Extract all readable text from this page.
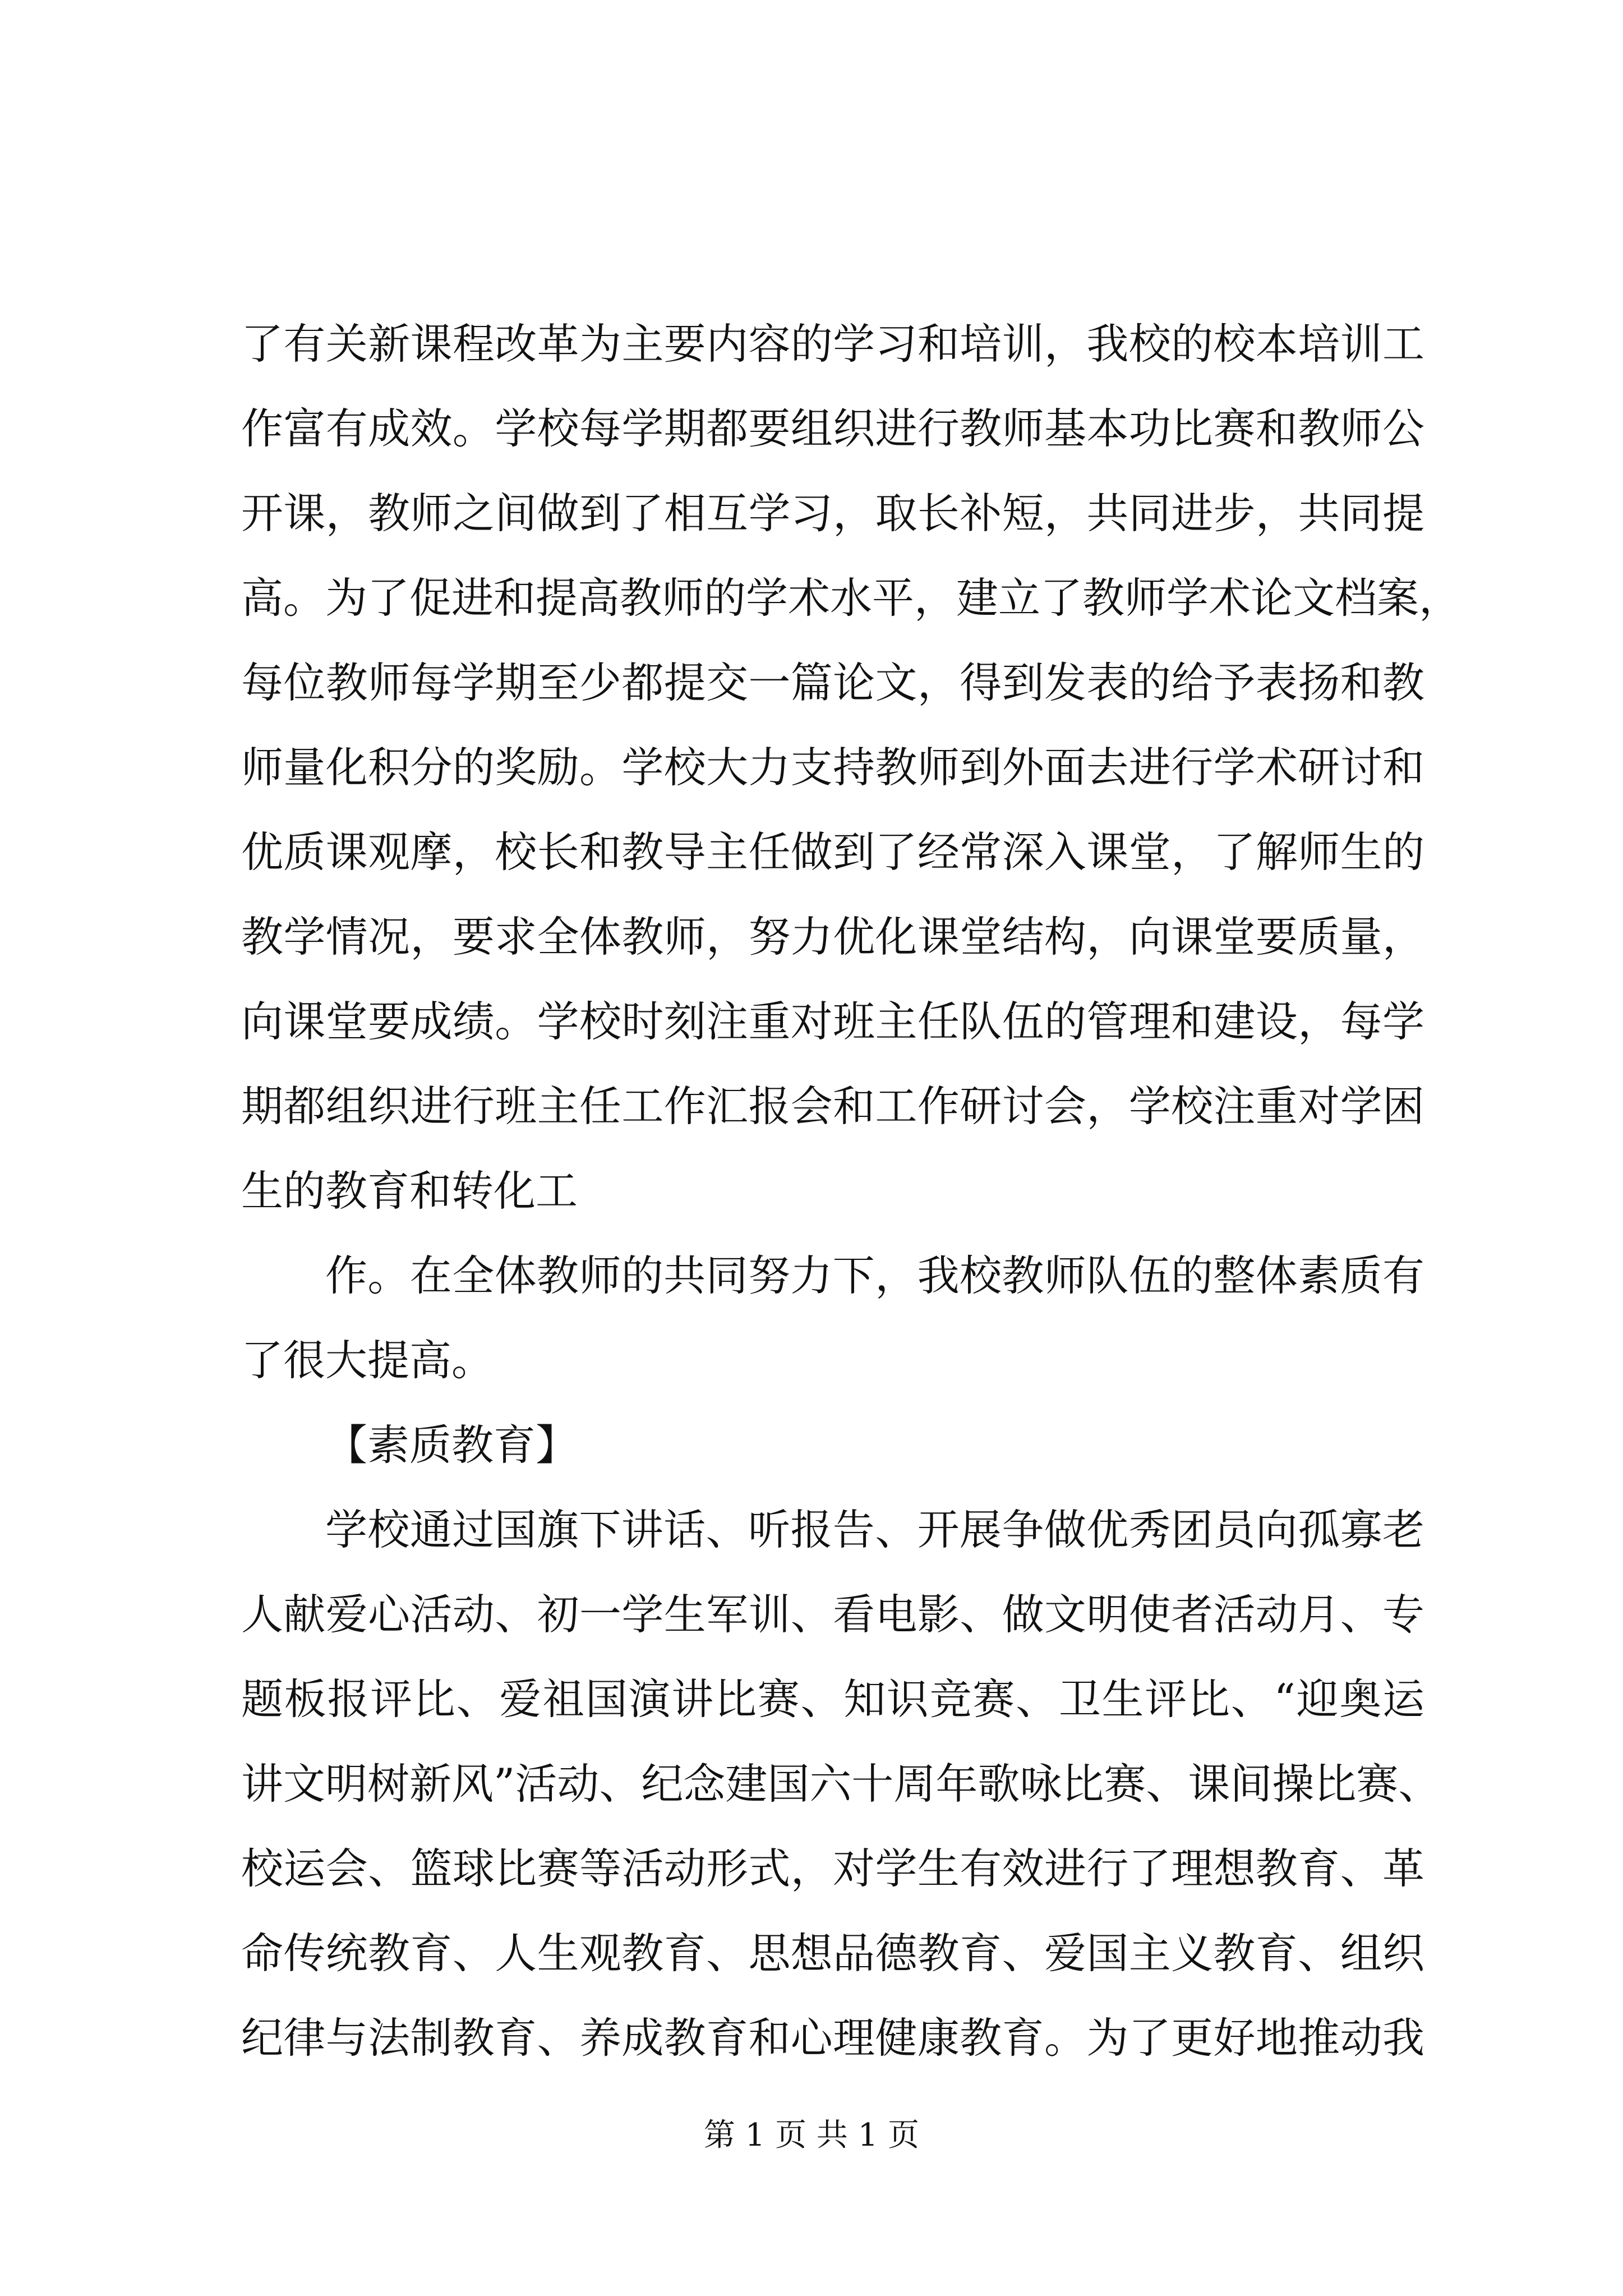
了有关新课程改革为主要内容的学习和培训，我校的校本培训工
作富有成效。学校每学期都要组织进行教师基本功比赛和教师公
开课，教师之间做到了相互学习，取长补短，共同进步，共同提
高。为了促进和提高教师的学术水平，建立了教师学术论文档案，
每位教师每学期至少都提交一篇论文，得到发表的给予表扬和教
师量化积分的奖励。学校大力支持教师到外面去进行学术研讨和
优质课观摩，校长和教导主任做到了经常深入课堂，了解师生的
教学情况，要求全体教师，努力优化课堂结构，向课堂要质量，
向课堂要成绩。学校时刻注重对班主任队伍的管理和建设，每学
期都组织进行班主任工作汇报会和工作研讨会，学校注重对学困
生的教育和转化工
作。在全体教师的共同努力下，我校教师队伍的整体素质有
了很大提高。
【素质教育】
学校通过国旗下讲话、听报告、开展争做优秀团员向孤寡老
人献爱心活动、初一学生军训、看电影、做文明使者活动月、专
题板报评比、爱祖国演讲比赛、知识竞赛、卫生评比、“迎奥运
讲文明树新风”活动、纪念建国六十周年歌咏比赛、课间操比赛、
校运会、篮球比赛等活动形式，对学生有效进行了理想教育、革
命传统教育、人生观教育、思想品德教育、爱国主义教育、组织
纪律与法制教育、养成教育和心理健康教育。为了更好地推动我
第 1 页 共 1 页
